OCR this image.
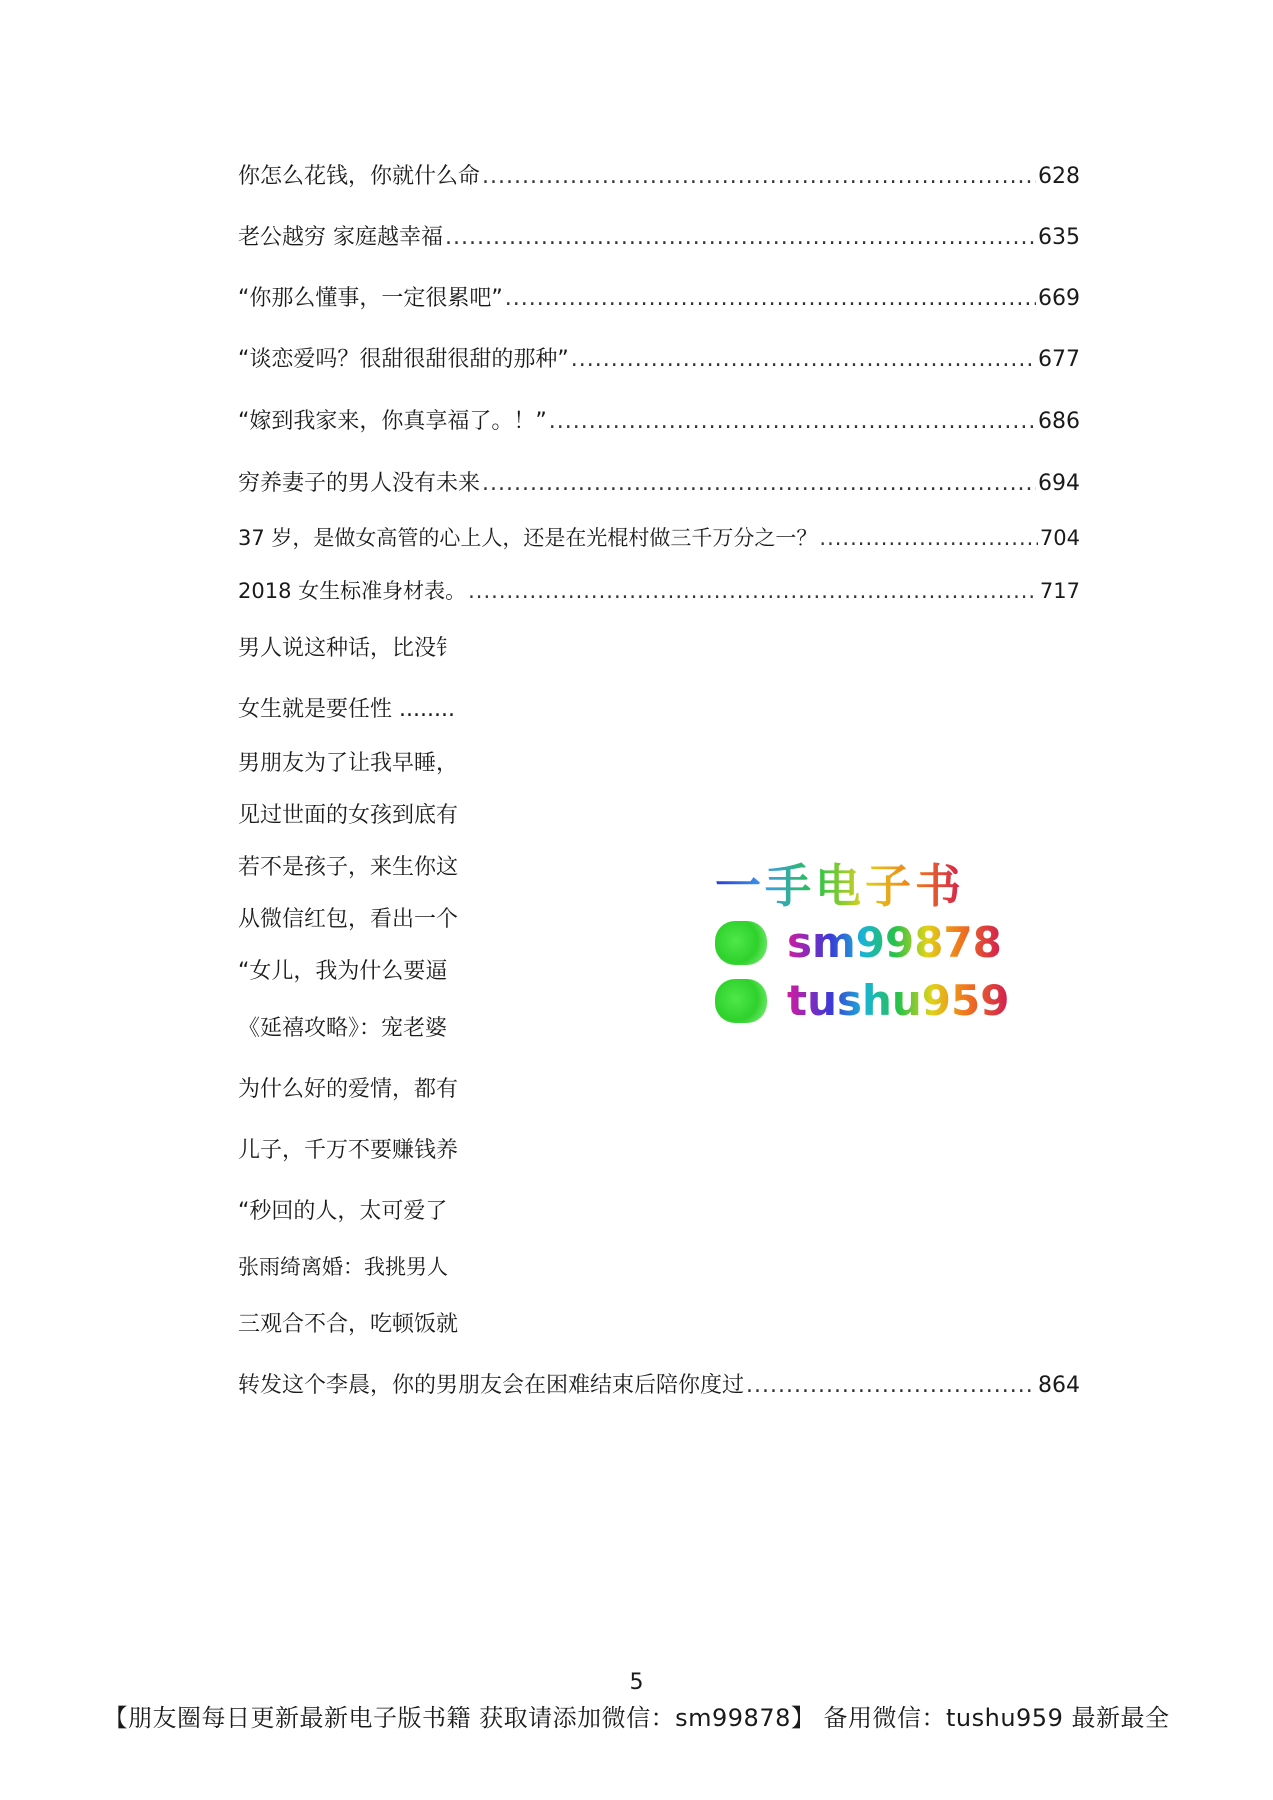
你怎么花钱，你就什么命 .....	628
老公越穷 家庭越幸福 .....	635
“你那么懂事，一定很累吧” .....	669
“谈恋爱吗？很甜很甜很甜的那种” .....	677
“嫁到我家来，你真享福了。！” .....	686
穷养妻子的男人没有未来 .....	694
37 岁，是做女高管的心上人，还是在光棍村做三千万分之一？ .....	704
2018 女生标准身材表。 .....	717
男人说这种话，比没钅
女生就是要任性 ........
男朋友为了让我早睡，
见过世面的女孩到底有
若不是孩子，来生你这
从微信红包，看出一个
“女儿，我为什么要逼
《延禧攻略》：宠老婆
为什么好的爱情，都有
儿子，千万不要赚钱养
“秒回的人，太可爱了
张雨绮离婚：我挑男人
三观合不合，吃顿饭就
转发这个李晨，你的男朋友会在困难结束后陪你度过 .....	864
一手电子书
sm99878
tushu959
5
【朋友圈每日更新最新电子版书籍 获取请添加微信：sm99878】 备用微信：tushu959 最新最全
